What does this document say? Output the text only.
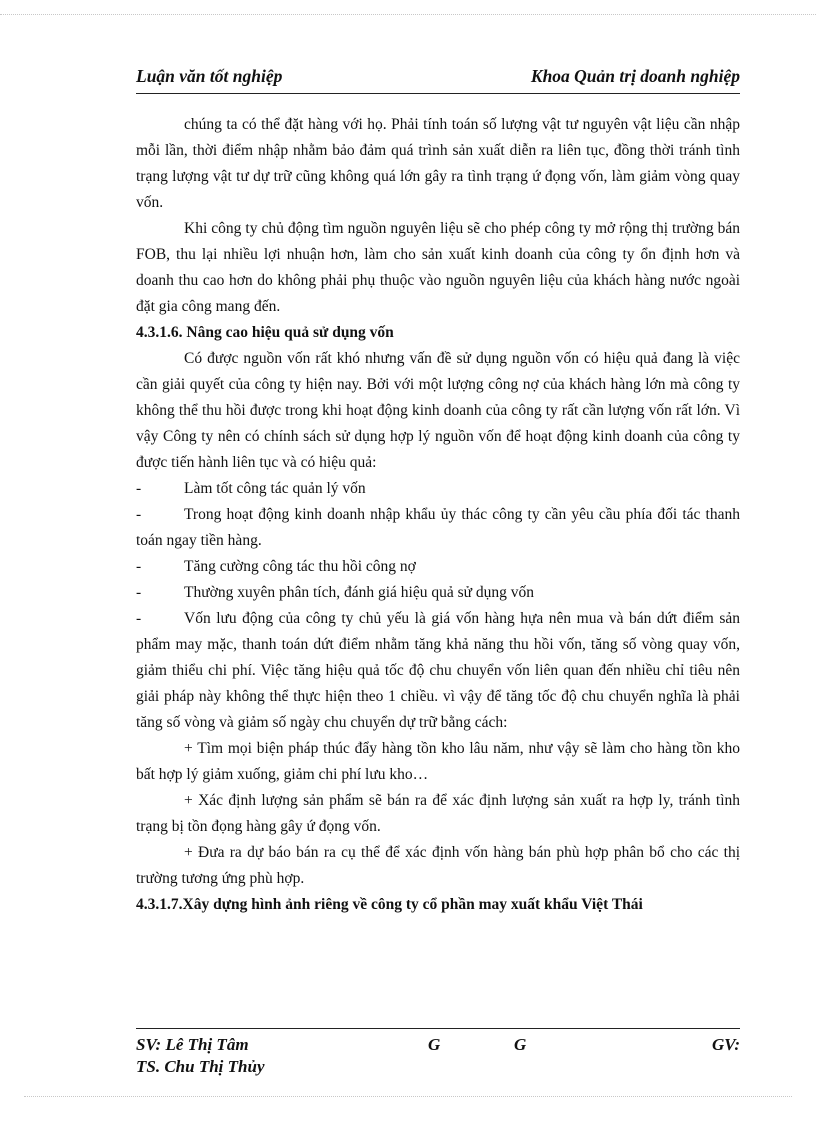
Luận văn tốt nghiệp	Khoa Quản trị doanh nghiệp

chúng ta có thể đặt hàng với họ. Phải tính toán số lượng vật tư nguyên vật liệu cần nhập mỗi lần, thời điểm nhập nhằm bảo đảm quá trình sản xuất diễn ra liên tục, đồng thời tránh tình trạng lượng vật tư dự trữ cũng không quá lớn gây ra tình trạng ứ đọng vốn, làm giảm vòng quay vốn.

Khi công ty chủ động tìm nguồn nguyên liệu sẽ cho phép công ty mở rộng thị trường bán FOB, thu lại nhiều lợi nhuận hơn, làm cho sản xuất kinh doanh của công ty ổn định hơn và doanh thu cao hơn do không phải phụ thuộc vào nguồn nguyên liệu của khách hàng nước ngoài đặt gia công mang đến.

4.3.1.6. Nâng cao hiệu quả sử dụng vốn

Có được nguồn vốn rất khó nhưng vấn đề sử dụng nguồn vốn có hiệu quả đang là việc cần giải quyết của công ty hiện nay. Bởi với một lượng công nợ của khách hàng lớn mà công ty không thể thu hồi được trong khi hoạt động kinh doanh của công ty rất cần lượng vốn rất lớn. Vì vậy Công ty nên có chính sách sử dụng hợp lý nguồn vốn để hoạt động kinh doanh của công ty được tiến hành liên tục và có hiệu quả:

-	Làm tốt công tác quản lý vốn

-	Trong hoạt động kinh doanh nhập khẩu ủy thác công ty cần yêu cầu phía đối tác thanh toán ngay tiền hàng.

-	Tăng cường công tác thu hồi công nợ

-	Thường xuyên phân tích, đánh giá hiệu quả sử dụng vốn

-	Vốn lưu động của công ty chủ yếu là giá vốn hàng hựa nên mua và bán dứt điểm sản phẩm may mặc, thanh toán dứt điểm nhằm tăng khả năng thu hồi vốn, tăng số vòng quay vốn, giảm thiểu chi phí. Việc tăng hiệu quả tốc độ chu chuyển vốn liên quan đến nhiều chỉ tiêu nên giải pháp này không thể thực hiện theo 1 chiều. vì vậy để tăng tốc độ chu chuyển nghĩa là phải tăng số vòng và giảm số ngày chu chuyển dự trữ bằng cách:

+ Tìm mọi biện pháp thúc đẩy hàng tồn kho lâu năm, như vậy sẽ làm cho hàng tồn kho bất hợp lý giảm xuống, giảm chi phí lưu kho…

+ Xác định lượng sản phẩm sẽ bán ra để xác định lượng sản xuất ra hợp ly, tránh tình trạng bị tồn đọng hàng gây ứ đọng vốn.

+ Đưa ra dự báo bán ra cụ thể để xác định vốn hàng bán phù hợp phân bổ cho các thị trường tương ứng phù hợp.

4.3.1.7.Xây dựng hình ảnh riêng về công ty cổ phần may xuất khẩu Việt Thái

SV: Lê Thị Tâm	G	G	GV:
TS. Chu Thị Thủy
